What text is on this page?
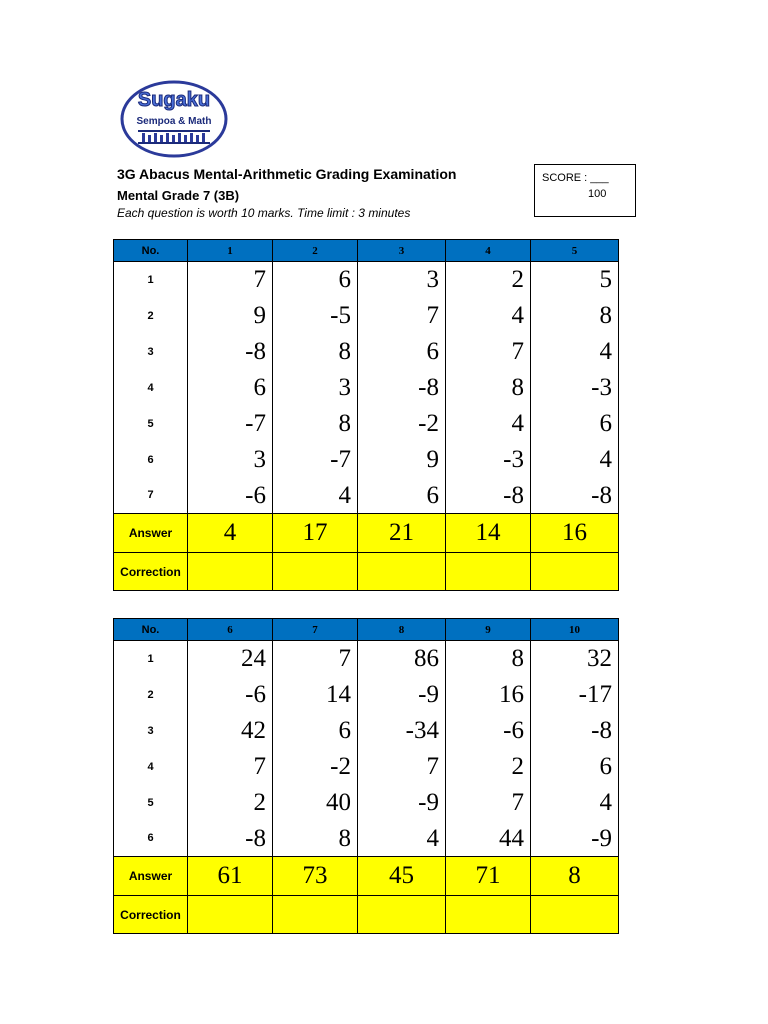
Sugaku
Sempoa & Math
3G Abacus Mental-Arithmetic Grading Examination
Mental Grade 7 (3B)
Each question is worth 10 marks. Time limit : 3 minutes
SCORE : ___
100
No.	1	2	3	4	5
1	7	6	3	2	5
2	9	-5	7	4	8
3	-8	8	6	7	4
4	6	3	-8	8	-3
5	-7	8	-2	4	6
6	3	-7	9	-3	4
7	-6	4	6	-8	-8
Answer	4	17	21	14	16
Correction					
No.	6	7	8	9	10
1	24	7	86	8	32
2	-6	14	-9	16	-17
3	42	6	-34	-6	-8
4	7	-2	7	2	6
5	2	40	-9	7	4
6	-8	8	4	44	-9
Answer	61	73	45	71	8
Correction					
